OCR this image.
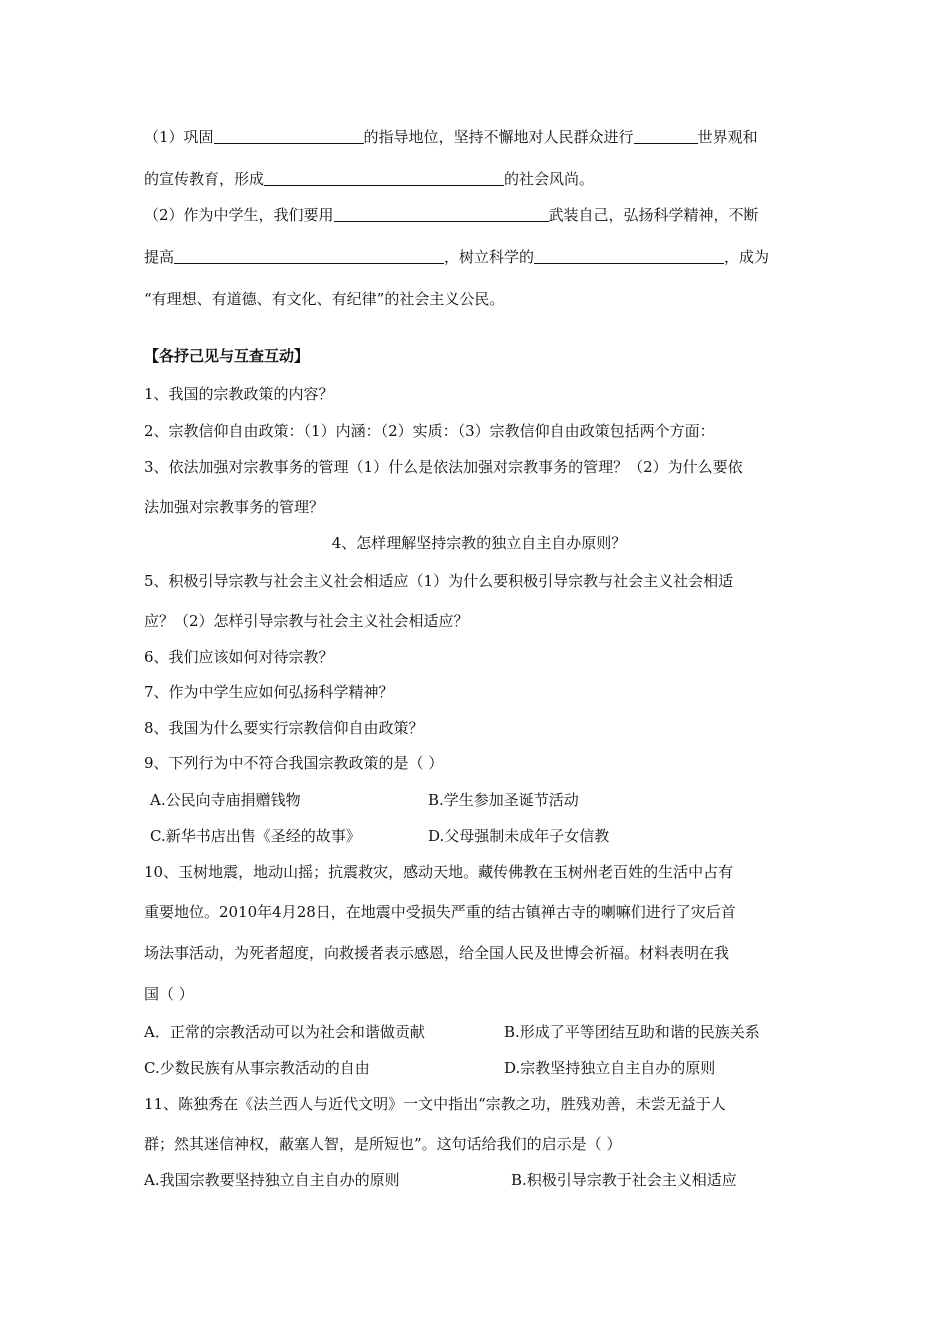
（1）巩固	的指导地位，坚持不懈地对人民群众进行	世界观和
的宣传教育，形成	的社会风尚。
（2）作为中学生，我们要用	武装自己，弘扬科学精神，不断
提高	，树立科学的	，成为
“有理想、有道德、有文化、有纪律”的社会主义公民。
【各抒己见与互查互动】
1、我国的宗教政策的内容？
2、宗教信仰自由政策：（1）内涵：（2）实质：（3）宗教信仰自由政策包括两个方面：
3、依法加强对宗教事务的管理（1）什么是依法加强对宗教事务的管理？（2）为什么要依
法加强对宗教事务的管理？
4、怎样理解坚持宗教的独立自主自办原则？
5、积极引导宗教与社会主义社会相适应（1）为什么要积极引导宗教与社会主义社会相适
应？（2）怎样引导宗教与社会主义社会相适应？
6、我们应该如何对待宗教？
7、作为中学生应如何弘扬科学精神？
8、我国为什么要实行宗教信仰自由政策？
9、下列行为中不符合我国宗教政策的是（ ）
A.公民向寺庙捐赠钱物	B.学生参加圣诞节活动
C.新华书店出售《圣经的故事》	D.父母强制未成年子女信教
10、玉树地震，地动山摇；抗震救灾，感动天地。藏传佛教在玉树州老百姓的生活中占有
重要地位。2010年4月28日，在地震中受损失严重的结古镇禅古寺的喇嘛们进行了灾后首
场法事活动，为死者超度，向救援者表示感恩，给全国人民及世博会祈福。材料表明在我
国（ ）
A．正常的宗教活动可以为社会和谐做贡献	B.形成了平等团结互助和谐的民族关系
C.少数民族有从事宗教活动的自由	D.宗教坚持独立自主自办的原则
11、陈独秀在《法兰西人与近代文明》一文中指出“宗教之功，胜残劝善，未尝无益于人
群；然其迷信神权，蔽塞人智，是所短也”。这句话给我们的启示是（ ）
A.我国宗教要坚持独立自主自办的原则	B.积极引导宗教于社会主义相适应
